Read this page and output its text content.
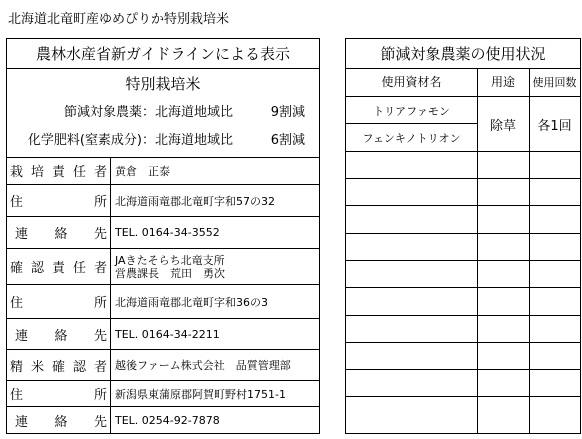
北海道北竜町産ゆめぴりか特別栽培米
農林水産省新ガイドラインによる表示
特別栽培米
節減対象農薬：北海道地域比	9割減
化学肥料(窒素成分)：北海道地域比	6割減
栽 培 責 任 者 黄倉　正泰
住	所 北海道雨竜郡北竜町字和57の32
連 絡 先 TEL. 0164-34-3552
確 認 責 任 者
JAきたそらち北竜支所
営農課長　荒田　勇次
住	所 北海道雨竜郡北竜町字和36の3
連 絡 先 TEL. 0164-34-2211
精 米 確 認 者 越後ファーム株式会社　品質管理部
住	所 新潟県東蒲原郡阿賀町野村1751-1
連 絡 先 TEL. 0254-92-7878
節減対象農薬の使用状況
使用資材名	用途	使用回数
トリアファモン
フェンキノトリオン
除草	各1回
